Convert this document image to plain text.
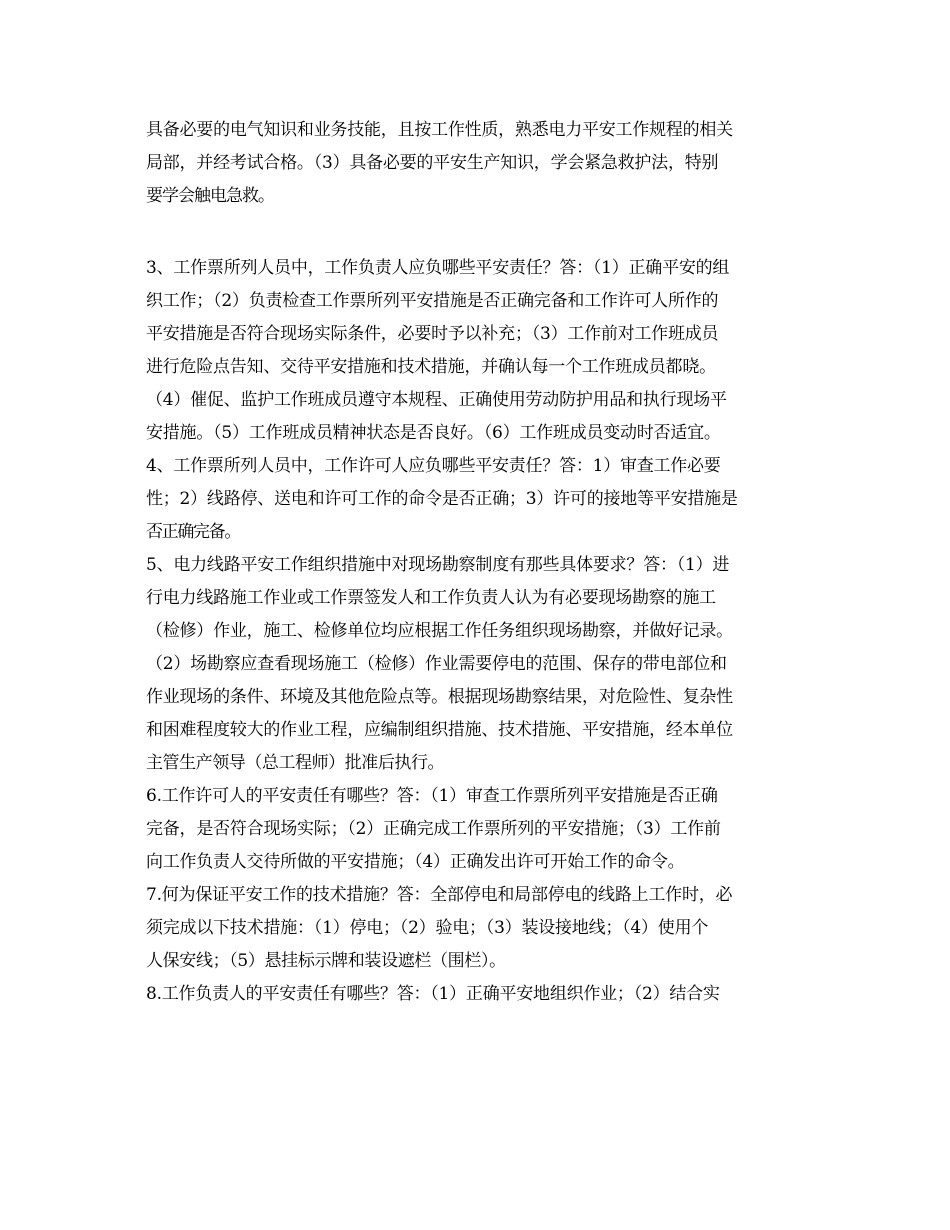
具备必要的电气知识和业务技能，且按工作性质，熟悉电力平安工作规程的相关
局部，并经考试合格。（3）具备必要的平安生产知识，学会紧急救护法，特别
要学会触电急救。
3、工作票所列人员中，工作负责人应负哪些平安责任？答：（1）正确平安的组
织工作；（2）负责检查工作票所列平安措施是否正确完备和工作许可人所作的
平安措施是否符合现场实际条件，必要时予以补充；（3）工作前对工作班成员
进行危险点告知、交待平安措施和技术措施，并确认每一个工作班成员都晓。
（4）催促、监护工作班成员遵守本规程、正确使用劳动防护用品和执行现场平
安措施。（5）工作班成员精神状态是否良好。（6）工作班成员变动时否适宜。
4、工作票所列人员中，工作许可人应负哪些平安责任？答：1）审查工作必要
性；2）线路停、送电和许可工作的命令是否正确；3）许可的接地等平安措施是
否正确完备。
5、电力线路平安工作组织措施中对现场勘察制度有那些具体要求？答：（1）进
行电力线路施工作业或工作票签发人和工作负责人认为有必要现场勘察的施工
（检修）作业，施工、检修单位均应根据工作任务组织现场勘察，并做好记录。
（2）场勘察应查看现场施工（检修）作业需要停电的范围、保存的带电部位和
作业现场的条件、环境及其他危险点等。根据现场勘察结果，对危险性、复杂性
和困难程度较大的作业工程，应编制组织措施、技术措施、平安措施，经本单位
主管生产领导（总工程师）批准后执行。
6.工作许可人的平安责任有哪些？答：（1）审查工作票所列平安措施是否正确
完备，是否符合现场实际；（2）正确完成工作票所列的平安措施；（3）工作前
向工作负责人交待所做的平安措施；（4）正确发出许可开始工作的命令。
7.何为保证平安工作的技术措施？答：全部停电和局部停电的线路上工作时，必
须完成以下技术措施：（1）停电；（2）验电；（3）装设接地线；（4）使用个
人保安线；（5）悬挂标示牌和装设遮栏（围栏）。
8.工作负责人的平安责任有哪些？答：（1）正确平安地组织作业；（2）结合实
